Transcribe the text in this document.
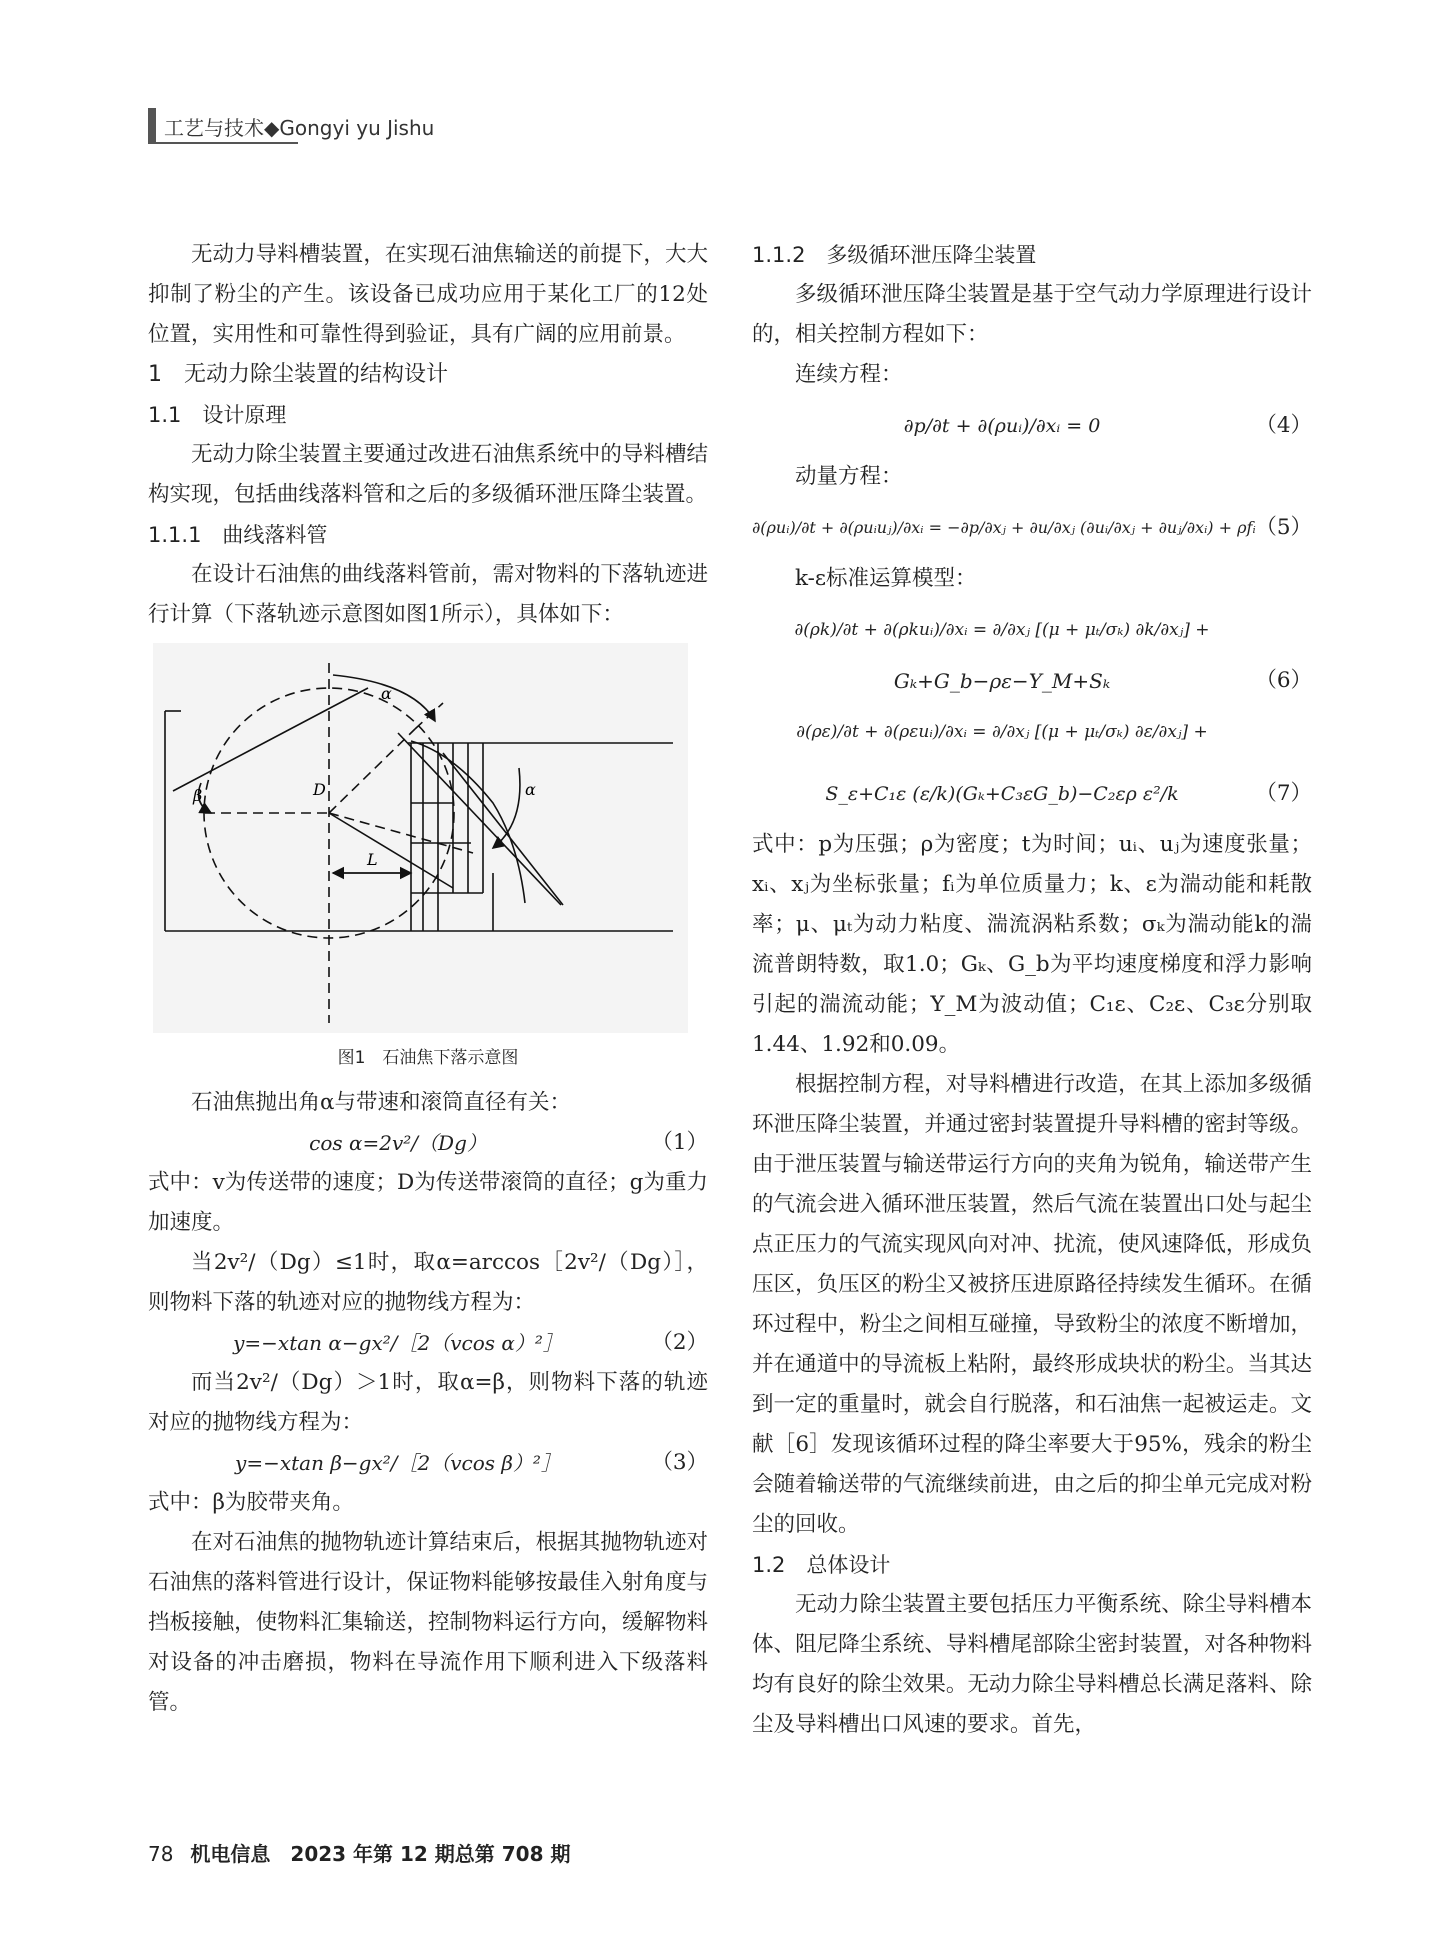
工艺与技术◆Gongyi yu Jishu

无动力导料槽装置，在实现石油焦输送的前提下，大大抑制了粉尘的产生。该设备已成功应用于某化工厂的12处位置，实用性和可靠性得到验证，具有广阔的应用前景。

1　无动力除尘装置的结构设计

1.1　设计原理

无动力除尘装置主要通过改进石油焦系统中的导料槽结构实现，包括曲线落料管和之后的多级循环泄压降尘装置。

1.1.1　曲线落料管

在设计石油焦的曲线落料管前，需对物料的下落轨迹进行计算（下落轨迹示意图如图1所示），具体如下：

α
α
β	D
L
图1　石油焦下落示意图

石油焦抛出角α与带速和滚筒直径有关：

cos α=2v²/（Dg）	（1）

式中：v为传送带的速度；D为传送带滚筒的直径；g为重力加速度。

当2v²/（Dg）≤1时，取α=arccos［2v²/（Dg）］，则物料下落的轨迹对应的抛物线方程为：

y=−xtan α−gx²/［2（vcos α）²］	（2）

而当2v²/（Dg）＞1时，取α=β，则物料下落的轨迹对应的抛物线方程为：

y=−xtan β−gx²/［2（vcos β）²］	（3）

式中：β为胶带夹角。

在对石油焦的抛物轨迹计算结束后，根据其抛物轨迹对石油焦的落料管进行设计，保证物料能够按最佳入射角度与挡板接触，使物料汇集输送，控制物料运行方向，缓解物料对设备的冲击磨损，物料在导流作用下顺利进入下级落料管。

1.1.2　多级循环泄压降尘装置

多级循环泄压降尘装置是基于空气动力学原理进行设计的，相关控制方程如下：

连续方程：

∂p/∂t + ∂(ρuᵢ)/∂xᵢ = 0	（4）

动量方程：

∂(ρuᵢ)/∂t + ∂(ρuᵢuⱼ)/∂xᵢ = −∂p/∂xⱼ + ∂u/∂xⱼ (∂uᵢ/∂xⱼ + ∂uⱼ/∂xᵢ) + ρfᵢ （5）

k-ε标准运算模型：

∂(ρk)/∂t + ∂(ρkuᵢ)/∂xᵢ = ∂/∂xⱼ [(μ + μₜ/σₖ) ∂k/∂xⱼ] +
Gₖ+G_b−ρε−Y_M+Sₖ	（6）
∂(ρε)/∂t + ∂(ρεuᵢ)/∂xᵢ = ∂/∂xⱼ [(μ + μₜ/σₖ) ∂ε/∂xⱼ] +
S_ε+C₁ε (ε/k)(Gₖ+C₃εG_b)−C₂ερ ε²/k	（7）

式中：p为压强；ρ为密度；t为时间；uᵢ、uⱼ为速度张量；xᵢ、xⱼ为坐标张量；fᵢ为单位质量力；k、ε为湍动能和耗散率；μ、μₜ为动力粘度、湍流涡粘系数；σₖ为湍动能k的湍流普朗特数，取1.0；Gₖ、G_b为平均速度梯度和浮力影响引起的湍流动能；Y_M为波动值；C₁ε、C₂ε、C₃ε分别取1.44、1.92和0.09。

根据控制方程，对导料槽进行改造，在其上添加多级循环泄压降尘装置，并通过密封装置提升导料槽的密封等级。由于泄压装置与输送带运行方向的夹角为锐角，输送带产生的气流会进入循环泄压装置，然后气流在装置出口处与起尘点正压力的气流实现风向对冲、扰流，使风速降低，形成负压区，负压区的粉尘又被挤压进原路径持续发生循环。在循环过程中，粉尘之间相互碰撞，导致粉尘的浓度不断增加，并在通道中的导流板上粘附，最终形成块状的粉尘。当其达到一定的重量时，就会自行脱落，和石油焦一起被运走。文献［6］发现该循环过程的降尘率要大于95%，残余的粉尘会随着输送带的气流继续前进，由之后的抑尘单元完成对粉尘的回收。

1.2　总体设计

无动力除尘装置主要包括压力平衡系统、除尘导料槽本体、阻尼降尘系统、导料槽尾部除尘密封装置，对各种物料均有良好的除尘效果。无动力除尘导料槽总长满足落料、除尘及导料槽出口风速的要求。首先，

78 机电信息　2023 年第 12 期总第 708 期
